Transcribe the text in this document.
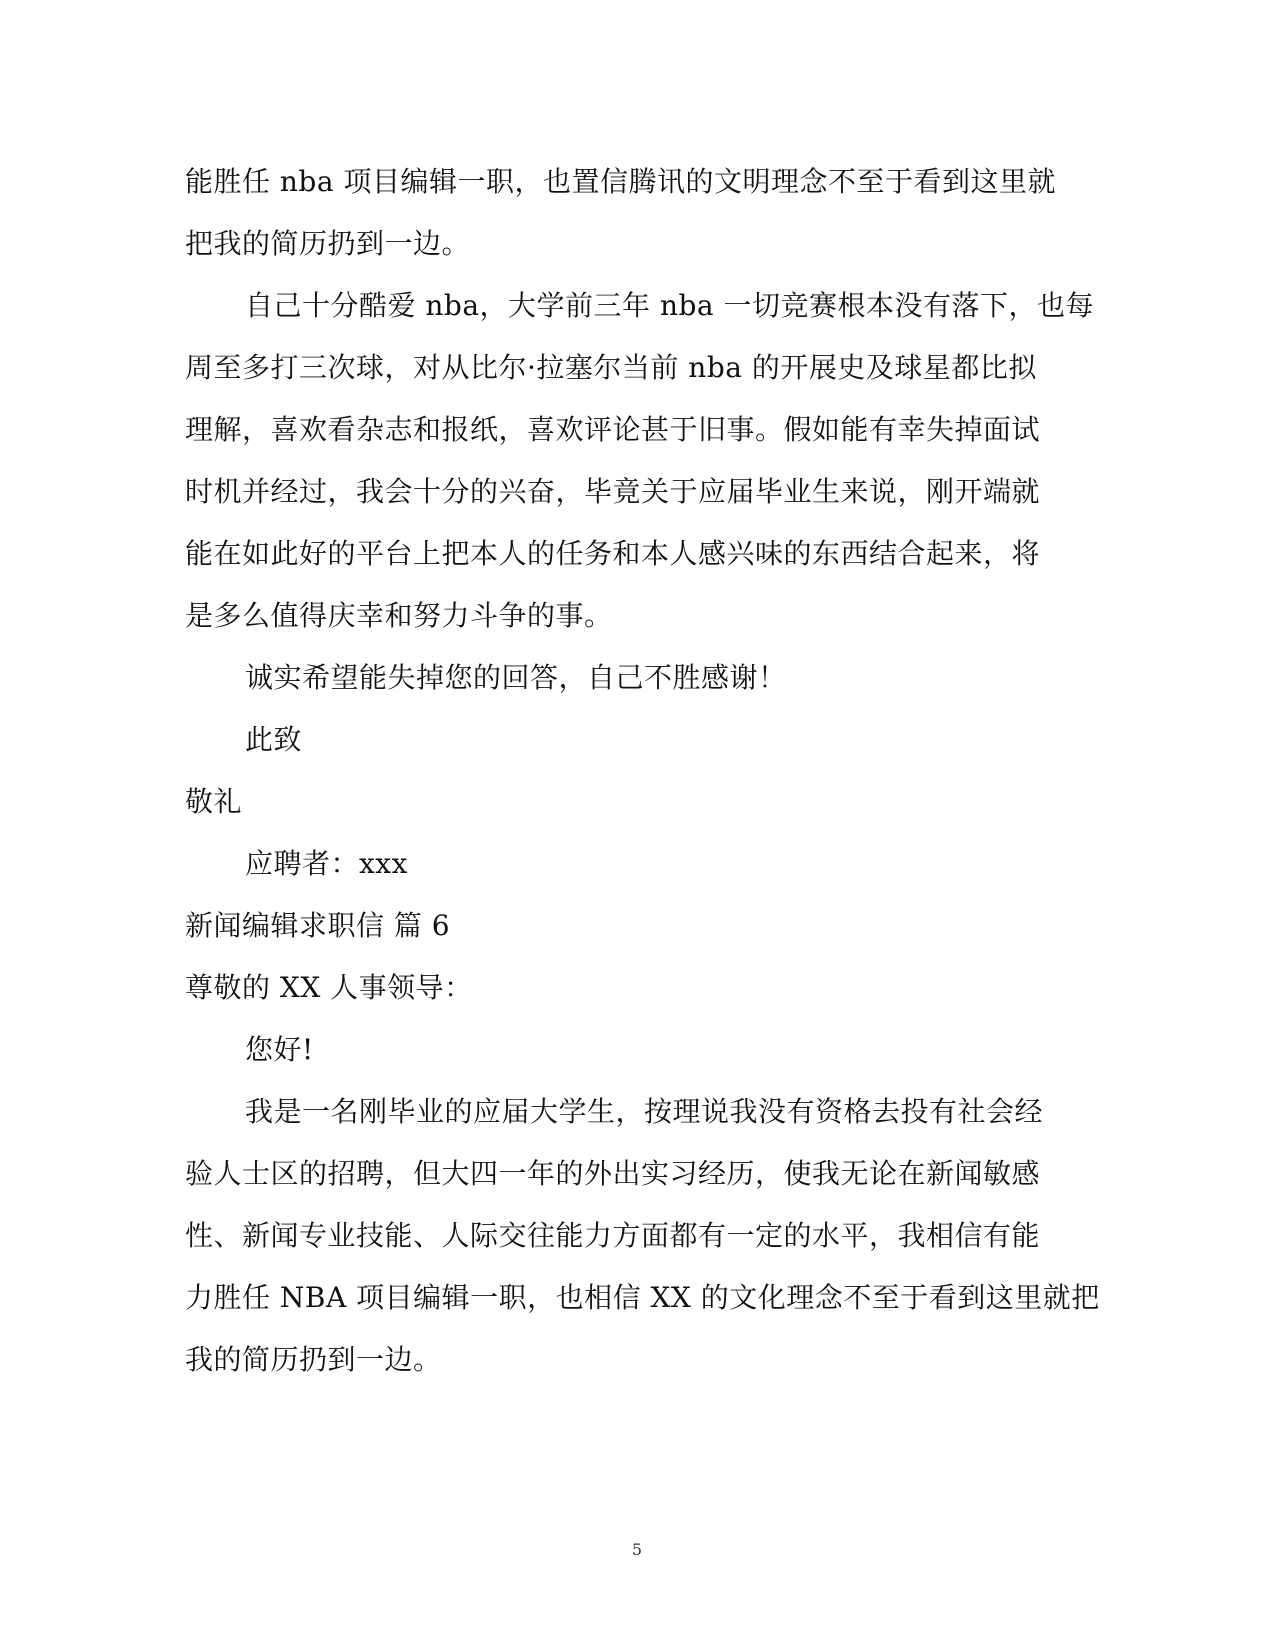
能胜任 nba 项目编辑一职，也置信腾讯的文明理念不至于看到这里就
把我的简历扔到一边。
自己十分酷爱 nba，大学前三年 nba 一切竞赛根本没有落下，也每
周至多打三次球，对从比尔·拉塞尔当前 nba 的开展史及球星都比拟
理解，喜欢看杂志和报纸，喜欢评论甚于旧事。假如能有幸失掉面试
时机并经过，我会十分的兴奋，毕竟关于应届毕业生来说，刚开端就
能在如此好的平台上把本人的任务和本人感兴味的东西结合起来，将
是多么值得庆幸和努力斗争的事。
诚实希望能失掉您的回答，自己不胜感谢！
此致
敬礼
应聘者：xxx
新闻编辑求职信 篇 6
尊敬的 XX 人事领导：
您好!
我是一名刚毕业的应届大学生，按理说我没有资格去投有社会经
验人士区的招聘，但大四一年的外出实习经历，使我无论在新闻敏感
性、新闻专业技能、人际交往能力方面都有一定的水平，我相信有能
力胜任 NBA 项目编辑一职，也相信 XX 的文化理念不至于看到这里就把
我的简历扔到一边。
5
